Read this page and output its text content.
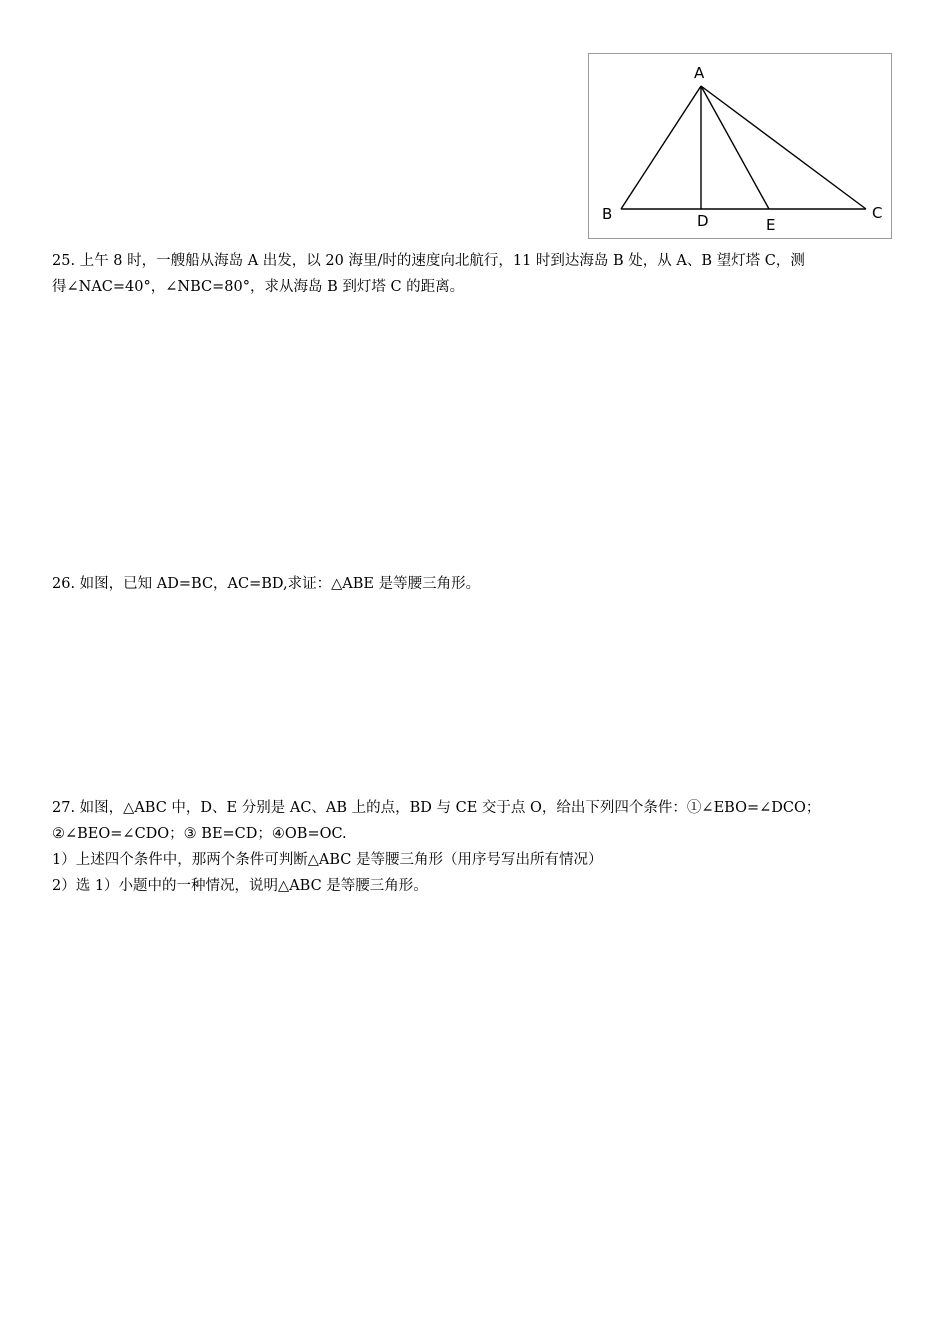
A
B	D	E
C

25. 上午 8 时，一艘船从海岛 A 出发，以 20 海里/时的速度向北航行，11 时到达海岛 B 处，从 A、B 望灯塔 C，测

得∠NAC=40°，∠NBC=80°，求从海岛 B 到灯塔 C 的距离。

26. 如图，已知 AD=BC，AC=BD,求证：△ABE 是等腰三角形。

27. 如图，△ABC 中，D、E 分别是 AC、AB 上的点，BD 与 CE 交于点 O，给出下列四个条件：①∠EBO=∠DCO；

②∠BEO=∠CDO；③ BE=CD；④OB=OC.

1）上述四个条件中，那两个条件可判断△ABC 是等腰三角形（用序号写出所有情况）

2）选 1）小题中的一种情况，说明△ABC 是等腰三角形。
